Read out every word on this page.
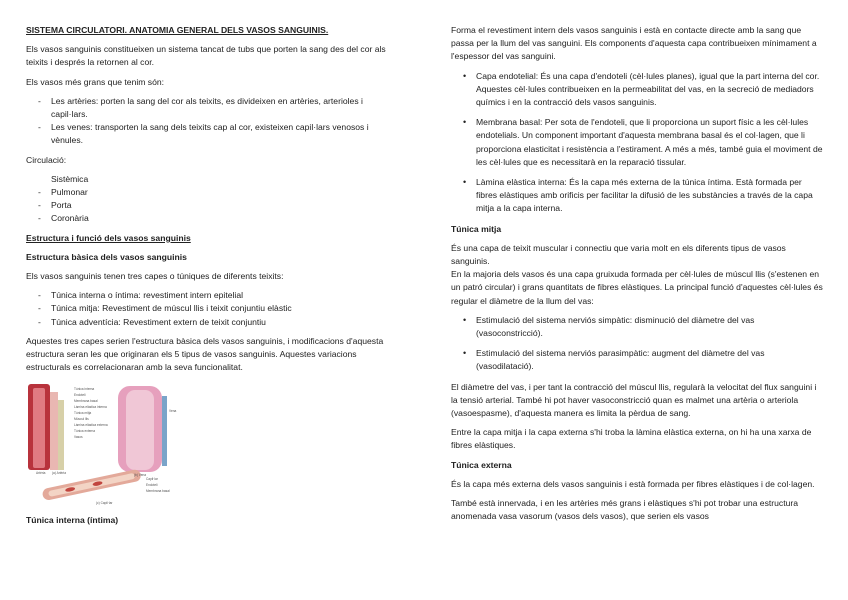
SISTEMA CIRCULATORI. ANATOMIA GENERAL DELS VASOS SANGUINIS.

Els vasos sanguinis constitueixen un sistema tancat de tubs que porten la sang des del cor als teixits i després la retornen al cor.

Els vasos més grans que tenim són:

- Les artèries: porten la sang del cor als teixits, es divideixen en artèries, arterioles i capil·lars.
- Les venes: transporten la sang dels teixits cap al cor, existeixen capil·lars venosos i vènules.

Circulació:

Sistèmica
- Pulmonar
- Porta
- Coronària

Estructura i funció dels vasos sanguinis

Estructura bàsica dels vasos sanguinis

Els vasos sanguinis tenen tres capes o túniques de diferents teixits:

- Túnica interna o íntima: revestiment intern epitelial
- Túnica mitja: Revestiment de múscul llis i teixit conjuntiu elàstic
- Túnica adventícia: Revestiment extern de teixit conjuntiu

Aquestes tres capes serien l'estructura bàsica dels vasos sanguinis, i modificacions d'aquesta estructura seran les que originaran els 5 tipus de vasos sanguinis. Aquestes variacions estructurals es correlacionaran amb la seva funcionalitat.

Túnica interna
Endoteli
Membrana basal
Làmina elàstica interna
Túnica mitja
Múscul llis
Làmina elàstica externa
Túnica externa
Vasos
Artèria
Vena
Capil·lar
Endoteli
Membrana basal
(a) Artèria	(b) Vena
(c) Capil·lar

Túnica interna (íntima)

Forma el revestiment intern dels vasos sanguinis i està en contacte directe amb la sang que passa per la llum del vas sanguini. Els components d'aquesta capa contribueixen mínimament a l'espessor del vas sanguini.

• Capa endotelial: És una capa d'endoteli (cèl·lules planes), igual que la part interna del cor. Aquestes cèl·lules contribueixen en la permeabilitat del vas, en la secreció de mediadors químics i en la contracció dels vasos sanguinis.
• Membrana basal: Per sota de l'endoteli, que li proporciona un suport físic a les cèl·lules endotelials. Un component important d'aquesta membrana basal és el col·lagen, que li proporciona elasticitat i resistència a l'estirament. A més a més, també guia el moviment de les cèl·lules que es necessitarà en la reparació tissular.
• Làmina elàstica interna: És la capa més externa de la túnica íntima. Està formada per fibres elàstiques amb orificis per facilitar la difusió de les substàncies a través de la capa mitja a la capa interna.

Túnica mitja

És una capa de teixit muscular i connectiu que varia molt en els diferents tipus de vasos sanguinis.

En la majoria dels vasos és una capa gruixuda formada per cèl·lules de múscul llis (s'estenen en un patró circular) i grans quantitats de fibres elàstiques. La principal funció d'aquestes cèl·lules és regular el diàmetre de la llum del vas:

• Estimulació del sistema nerviós simpàtic: disminució del diàmetre del vas (vasoconstricció).
• Estimulació del sistema nerviós parasimpàtic: augment del diàmetre del vas (vasodilatació).

El diàmetre del vas, i per tant la contracció del múscul llis, regularà la velocitat del flux sanguini i la tensió arterial. També hi pot haver vasoconstricció quan es malmet una artèria o arteriola (vasoespasme), d'aquesta manera es limita la pèrdua de sang.

Entre la capa mitja i la capa externa s'hi troba la làmina elàstica externa, on hi ha una xarxa de fibres elàstiques.

Túnica externa

És la capa més externa dels vasos sanguinis i està formada per fibres elàstiques i de col·lagen.

També està innervada, i en les artèries més grans i elàstiques s'hi pot trobar una estructura anomenada vasa vasorum (vasos dels vasos), que serien els vasos
